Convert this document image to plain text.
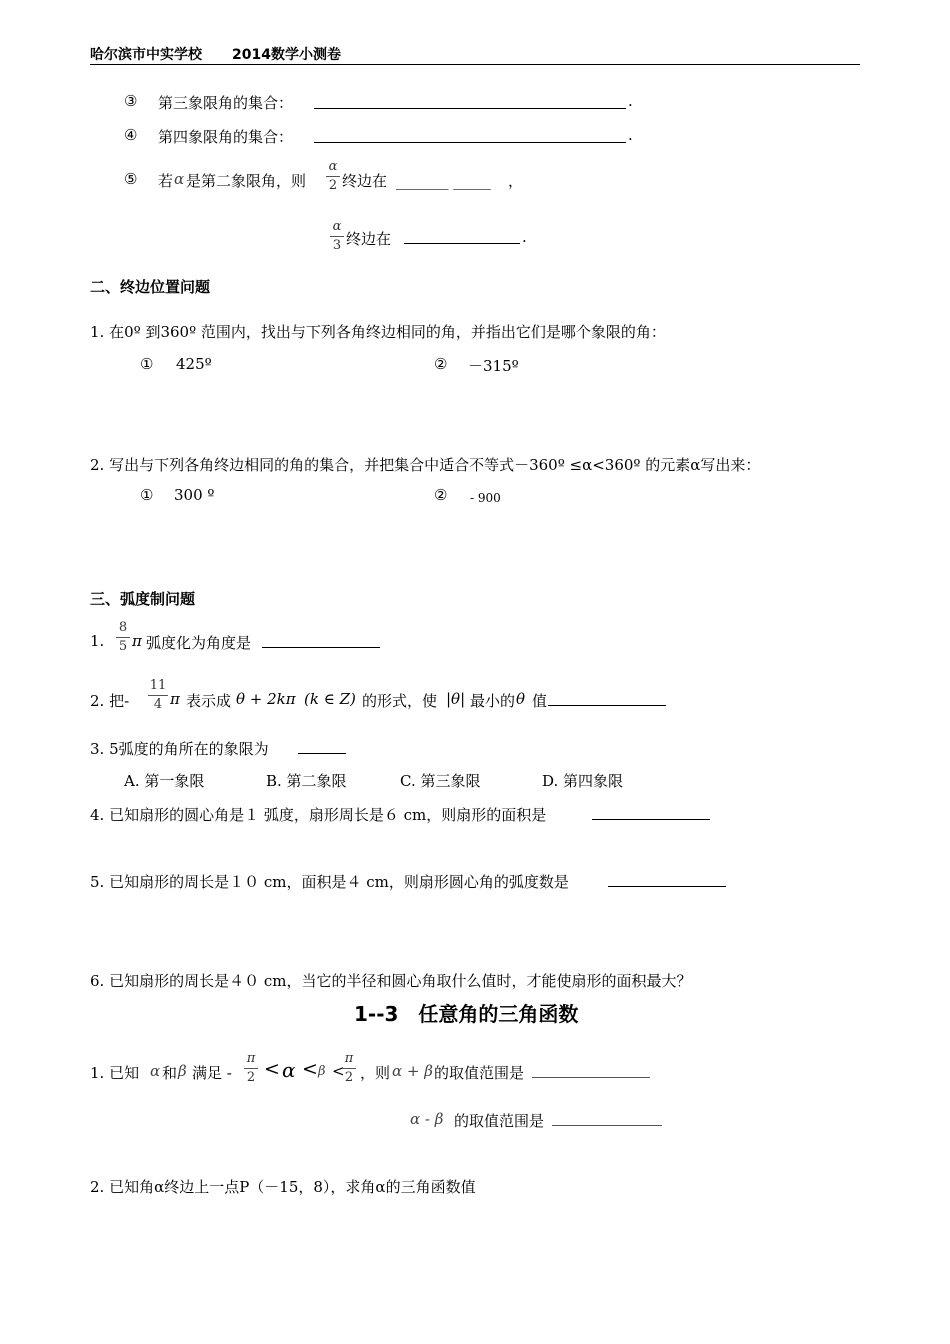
哈尔滨市中实学校 2014数学小测卷
③ 第三象限角的集合：	.
④ 第四象限角的集合：	.
⑤ 若 α 是第二象限角，则
α
2 终边在 _______ _____ ，
α
3 终边在	.
二、终边位置问题
1. 在0º 到360º 范围内，找出与下列各角终边相同的角，并指出它们是哪个象限的角：
① 425º	② －315º
2. 写出与下列各角终边相同的角的集合，并把集合中适合不等式－360º ≤α<360º 的元素α写出来：
① 300 º	② - 900
三、弧度制问题
1.
8
5 π 弧度化为角度是
2. 把-
11
4 π 表示成 θ + 2kπ (k ∈ Z) 的形式，使 |θ| 最小的 θ 值
3. 5弧度的角所在的象限为
A. 第一象限	B. 第二象限	C. 第三象限	D. 第四象限
4. 已知扇形的圆心角是１ 弧度，扇形周长是６ cm，则扇形的面积是
5. 已知扇形的周长是１０ cm，面积是４ cm，则扇形圆心角的弧度数是
6. 已知扇形的周长是４０ cm，当它的半径和圆心角取什么值时，才能使扇形的面积最大？
1--3　任意角的三角函数
1. 已知 α 和 β 满足 -
π
2 < α < β <
π
2 ，则 α + β 的取值范围是
α - β 的取值范围是
2. 已知角α终边上一点P（－15，8），求角α的三角函数值
